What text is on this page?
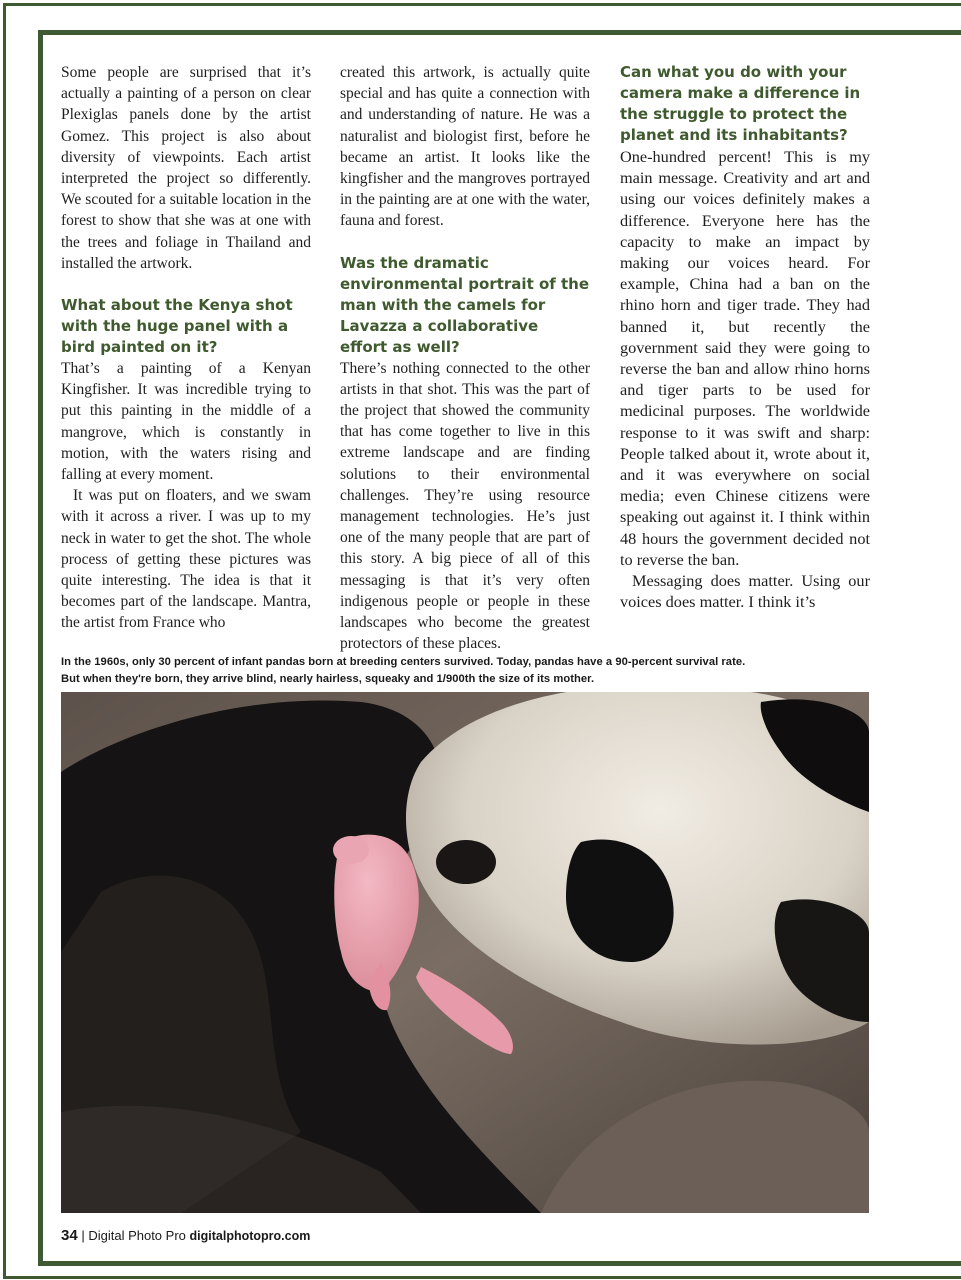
Some people are surprised that it’s actually a painting of a person on clear Plexiglas panels done by the artist Gomez. This project is also about diversity of viewpoints. Each artist interpreted the project so differently. We scouted for a suitable location in the forest to show that she was at one with the trees and foliage in Thailand and installed the artwork.

What about the Kenya shot with the huge panel with a bird painted on it?

That’s a painting of a Kenyan Kingfisher. It was incredible trying to put this painting in the middle of a mangrove, which is constantly in motion, with the waters rising and falling at every moment.

It was put on floaters, and we swam with it across a river. I was up to my neck in water to get the shot. The whole process of getting these pictures was quite interesting. The idea is that it becomes part of the landscape. Mantra, the artist from France who

created this artwork, is actually quite special and has quite a connection with and understanding of nature. He was a naturalist and biologist first, before he became an artist. It looks like the kingfisher and the mangroves portrayed in the painting are at one with the water, fauna and forest.

Was the dramatic environmental portrait of the man with the camels for Lavazza a collaborative effort as well?

There’s nothing connected to the other artists in that shot. This was the part of the project that showed the community that has come together to live in this extreme landscape and are finding solutions to their environmental challenges. They’re using resource management technologies. He’s just one of the many people that are part of this story. A big piece of all of this messaging is that it’s very often indigenous people or people in these landscapes who become the greatest protectors of these places.

Can what you do with your camera make a difference in the struggle to protect the planet and its inhabitants?

One-hundred percent! This is my main message. Creativity and art and using our voices definitely makes a difference. Everyone here has the capacity to make an impact by making our voices heard. For example, China had a ban on the rhino horn and tiger trade. They had banned it, but recently the government said they were going to reverse the ban and allow rhino horns and tiger parts to be used for medicinal purposes. The worldwide response to it was swift and sharp: People talked about it, wrote about it, and it was everywhere on social media; even Chinese citizens were speaking out against it. I think within 48 hours the government decided not to reverse the ban.

Messaging does matter. Using our voices does matter. I think it’s

In the 1960s, only 30 percent of infant pandas born at breeding centers survived. Today, pandas have a 90-percent survival rate. But when they're born, they arrive blind, nearly hairless, squeaky and 1/900th the size of its mother.
34 | Digital Photo Pro digitalphotopro.com
